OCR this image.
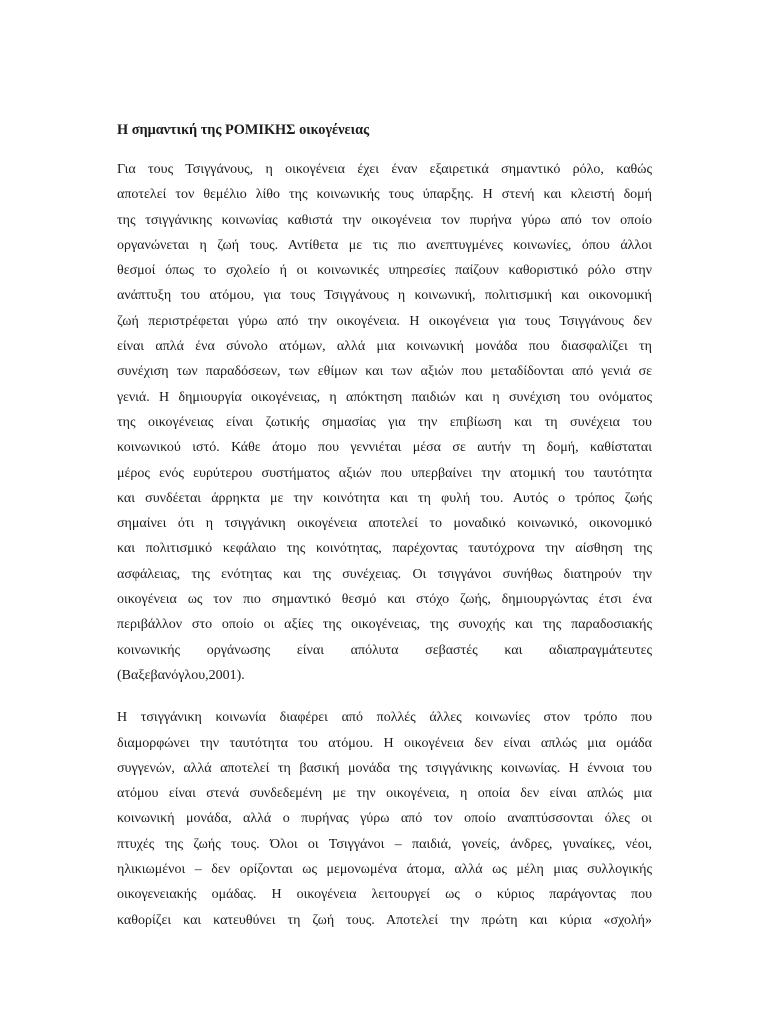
Η σημαντική της ΡΟΜΙΚΗΣ οικογένειας

Για τους Τσιγγάνους, η οικογένεια έχει έναν εξαιρετικά σημαντικό ρόλο, καθώς
αποτελεί τον θεμέλιο λίθο της κοινωνικής τους ύπαρξης. Η στενή και κλειστή δομή
της τσιγγάνικης κοινωνίας καθιστά την οικογένεια τον πυρήνα γύρω από τον οποίο
οργανώνεται η ζωή τους. Αντίθετα με τις πιο ανεπτυγμένες κοινωνίες, όπου άλλοι
θεσμοί όπως το σχολείο ή οι κοινωνικές υπηρεσίες παίζουν καθοριστικό ρόλο στην
ανάπτυξη του ατόμου, για τους Τσιγγάνους η κοινωνική, πολιτισμική και οικονομική
ζωή περιστρέφεται γύρω από την οικογένεια. Η οικογένεια για τους Τσιγγάνους δεν
είναι απλά ένα σύνολο ατόμων, αλλά μια κοινωνική μονάδα που διασφαλίζει τη
συνέχιση των παραδόσεων, των εθίμων και των αξιών που μεταδίδονται από γενιά σε
γενιά. Η δημιουργία οικογένειας, η απόκτηση παιδιών και η συνέχιση του ονόματος
της οικογένειας είναι ζωτικής σημασίας για την επιβίωση και τη συνέχεια του
κοινωνικού ιστό. Κάθε άτομο που γεννιέται μέσα σε αυτήν τη δομή, καθίσταται
μέρος ενός ευρύτερου συστήματος αξιών που υπερβαίνει την ατομική του ταυτότητα
και συνδέεται άρρηκτα με την κοινότητα και τη φυλή του. Αυτός ο τρόπος ζωής
σημαίνει ότι η τσιγγάνικη οικογένεια αποτελεί το μοναδικό κοινωνικό, οικονομικό
και πολιτισμικό κεφάλαιο της κοινότητας, παρέχοντας ταυτόχρονα την αίσθηση της
ασφάλειας, της ενότητας και της συνέχειας. Οι τσιγγάνοι συνήθως διατηρούν την
οικογένεια ως τον πιο σημαντικό θεσμό και στόχο ζωής, δημιουργώντας έτσι ένα
περιβάλλον στο οποίο οι αξίες της οικογένειας, της συνοχής και της παραδοσιακής
κοινωνικής οργάνωσης είναι απόλυτα σεβαστές και αδιαπραγμάτευτες
(Βαξεβανόγλου,2001).

Η τσιγγάνικη κοινωνία διαφέρει από πολλές άλλες κοινωνίες στον τρόπο που
διαμορφώνει την ταυτότητα του ατόμου. Η οικογένεια δεν είναι απλώς μια ομάδα
συγγενών, αλλά αποτελεί τη βασική μονάδα της τσιγγάνικης κοινωνίας. Η έννοια του
ατόμου είναι στενά συνδεδεμένη με την οικογένεια, η οποία δεν είναι απλώς μια
κοινωνική μονάδα, αλλά ο πυρήνας γύρω από τον οποίο αναπτύσσονται όλες οι
πτυχές της ζωής τους. Όλοι οι Τσιγγάνοι – παιδιά, γονείς, άνδρες, γυναίκες, νέοι,
ηλικιωμένοι – δεν ορίζονται ως μεμονωμένα άτομα, αλλά ως μέλη μιας συλλογικής
οικογενειακής ομάδας. Η οικογένεια λειτουργεί ως ο κύριος παράγοντας που
καθορίζει και κατευθύνει τη ζωή τους. Αποτελεί την πρώτη και κύρια «σχολή»
